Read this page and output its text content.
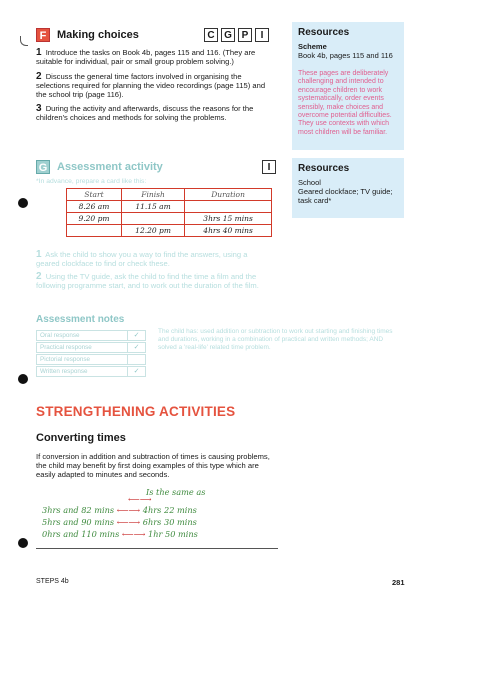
F Making choices	C G P	I
1 Introduce the tasks on Book 4b, pages 115 and 116. (They are suitable for individual, pair or small group problem solving.)
2 Discuss the general time factors involved in organising the selections required for planning the video recordings (page 115) and the school trip (page 116).
3 During the activity and afterwards, discuss the reasons for the children's choices and methods for solving the problems.
Resources
Scheme
Book 4b, pages 115 and 116
These pages are deliberately challenging and intended to encourage children to work systematically, order events sensibly, make choices and overcome potential difficulties. They use contexts with which most children will be familiar.
G Assessment activity	I
*In advance, prepare a card like this:
Start	Finish	Duration
8.26 am	11.15 am	
9.20 pm		3hrs 15 mins
	12.20 pm	4hrs 40 mins
1 Ask the child to show you a way to find the answers, using a geared clockface to find or check these.
2 Using the TV guide, ask the child to find the time a film and the following programme start, and to work out the duration of the film.
Resources
School
Geared clockface; TV guide; task card*
Assessment notes
Oral response	✓
Practical response	✓
Pictorial response
Written response	✓
The child has: used addition or subtraction to work out starting and finishing times and durations, working in a combination of practical and written methods; AND solved a 'real-life' related time problem.
STRENGTHENING ACTIVITIES
Converting times
If conversion in addition and subtraction of times is causing problems, the child may benefit by first doing examples of this type which are easily adapted to minutes and seconds.
Is the same as
⟵⟶
3hrs and 82 mins ⟵⟶ 4hrs 22 mins
5hrs and 90 mins ⟵⟶ 6hrs 30 mins
0hrs and 110 mins ⟵⟶ 1hr 50 mins
STEPS 4b	281
